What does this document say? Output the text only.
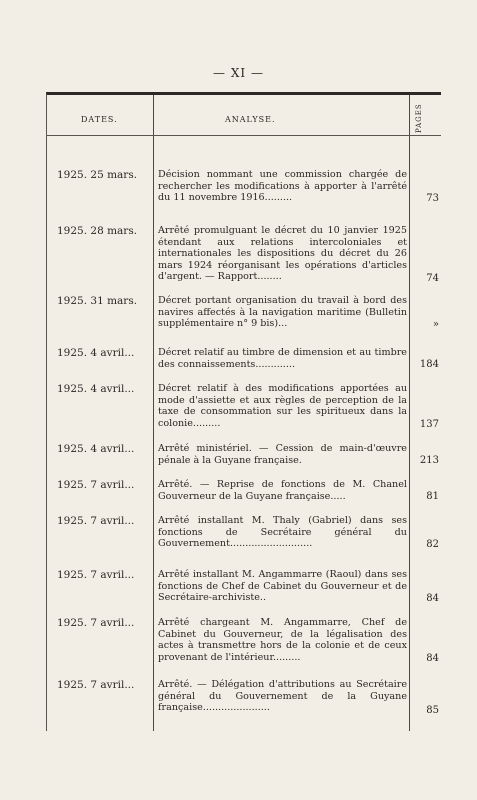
— XI —
DATES.	ANALYSE.	PAGES
1925. 25 mars.	Décision nommant une commission chargée de rechercher les modifications à apporter à l'arrêté du 11 novembre 1916.........	73
1925. 28 mars.	Arrêté promulguant le décret du 10 janvier 1925 étendant aux relations intercoloniales et internationales les dispositions du décret du 26 mars 1924 réorganisant les opérations d'articles d'argent. — Rapport........	74
1925. 31 mars.	Décret portant organisation du travail à bord des navires affectés à la navigation maritime (Bulletin supplémentaire n° 9 bis)...	»
1925. 4 avril...	Décret relatif au timbre de dimension et au timbre des connaissements.............	184
1925. 4 avril...	Décret relatif à des modifications apportées au mode d'assiette et aux règles de perception de la taxe de consommation sur les spiritueux dans la colonie.........	137
1925. 4 avril...	Arrêté ministériel. — Cession de main-d'œuvre pénale à la Guyane française.	213
1925. 7 avril...	Arrêté. — Reprise de fonctions de M. Chanel Gouverneur de la Guyane française.....	81
1925. 7 avril...	Arrêté installant M. Thaly (Gabriel) dans ses fonctions de Secrétaire général du Gouvernement...........................	82
1925. 7 avril...	Arrêté installant M. Angammarre (Raoul) dans ses fonctions de Chef de Cabinet du Gouverneur et de Secrétaire-archiviste..	84
1925. 7 avril...	Arrêté chargeant M. Angammarre, Chef de Cabinet du Gouverneur, de la légalisation des actes à transmettre hors de la colonie et de ceux provenant de l'intérieur.........	84
1925. 7 avril...	Arrêté. — Délégation d'attributions au Secrétaire général du Gouvernement de la Guyane française......................	85
